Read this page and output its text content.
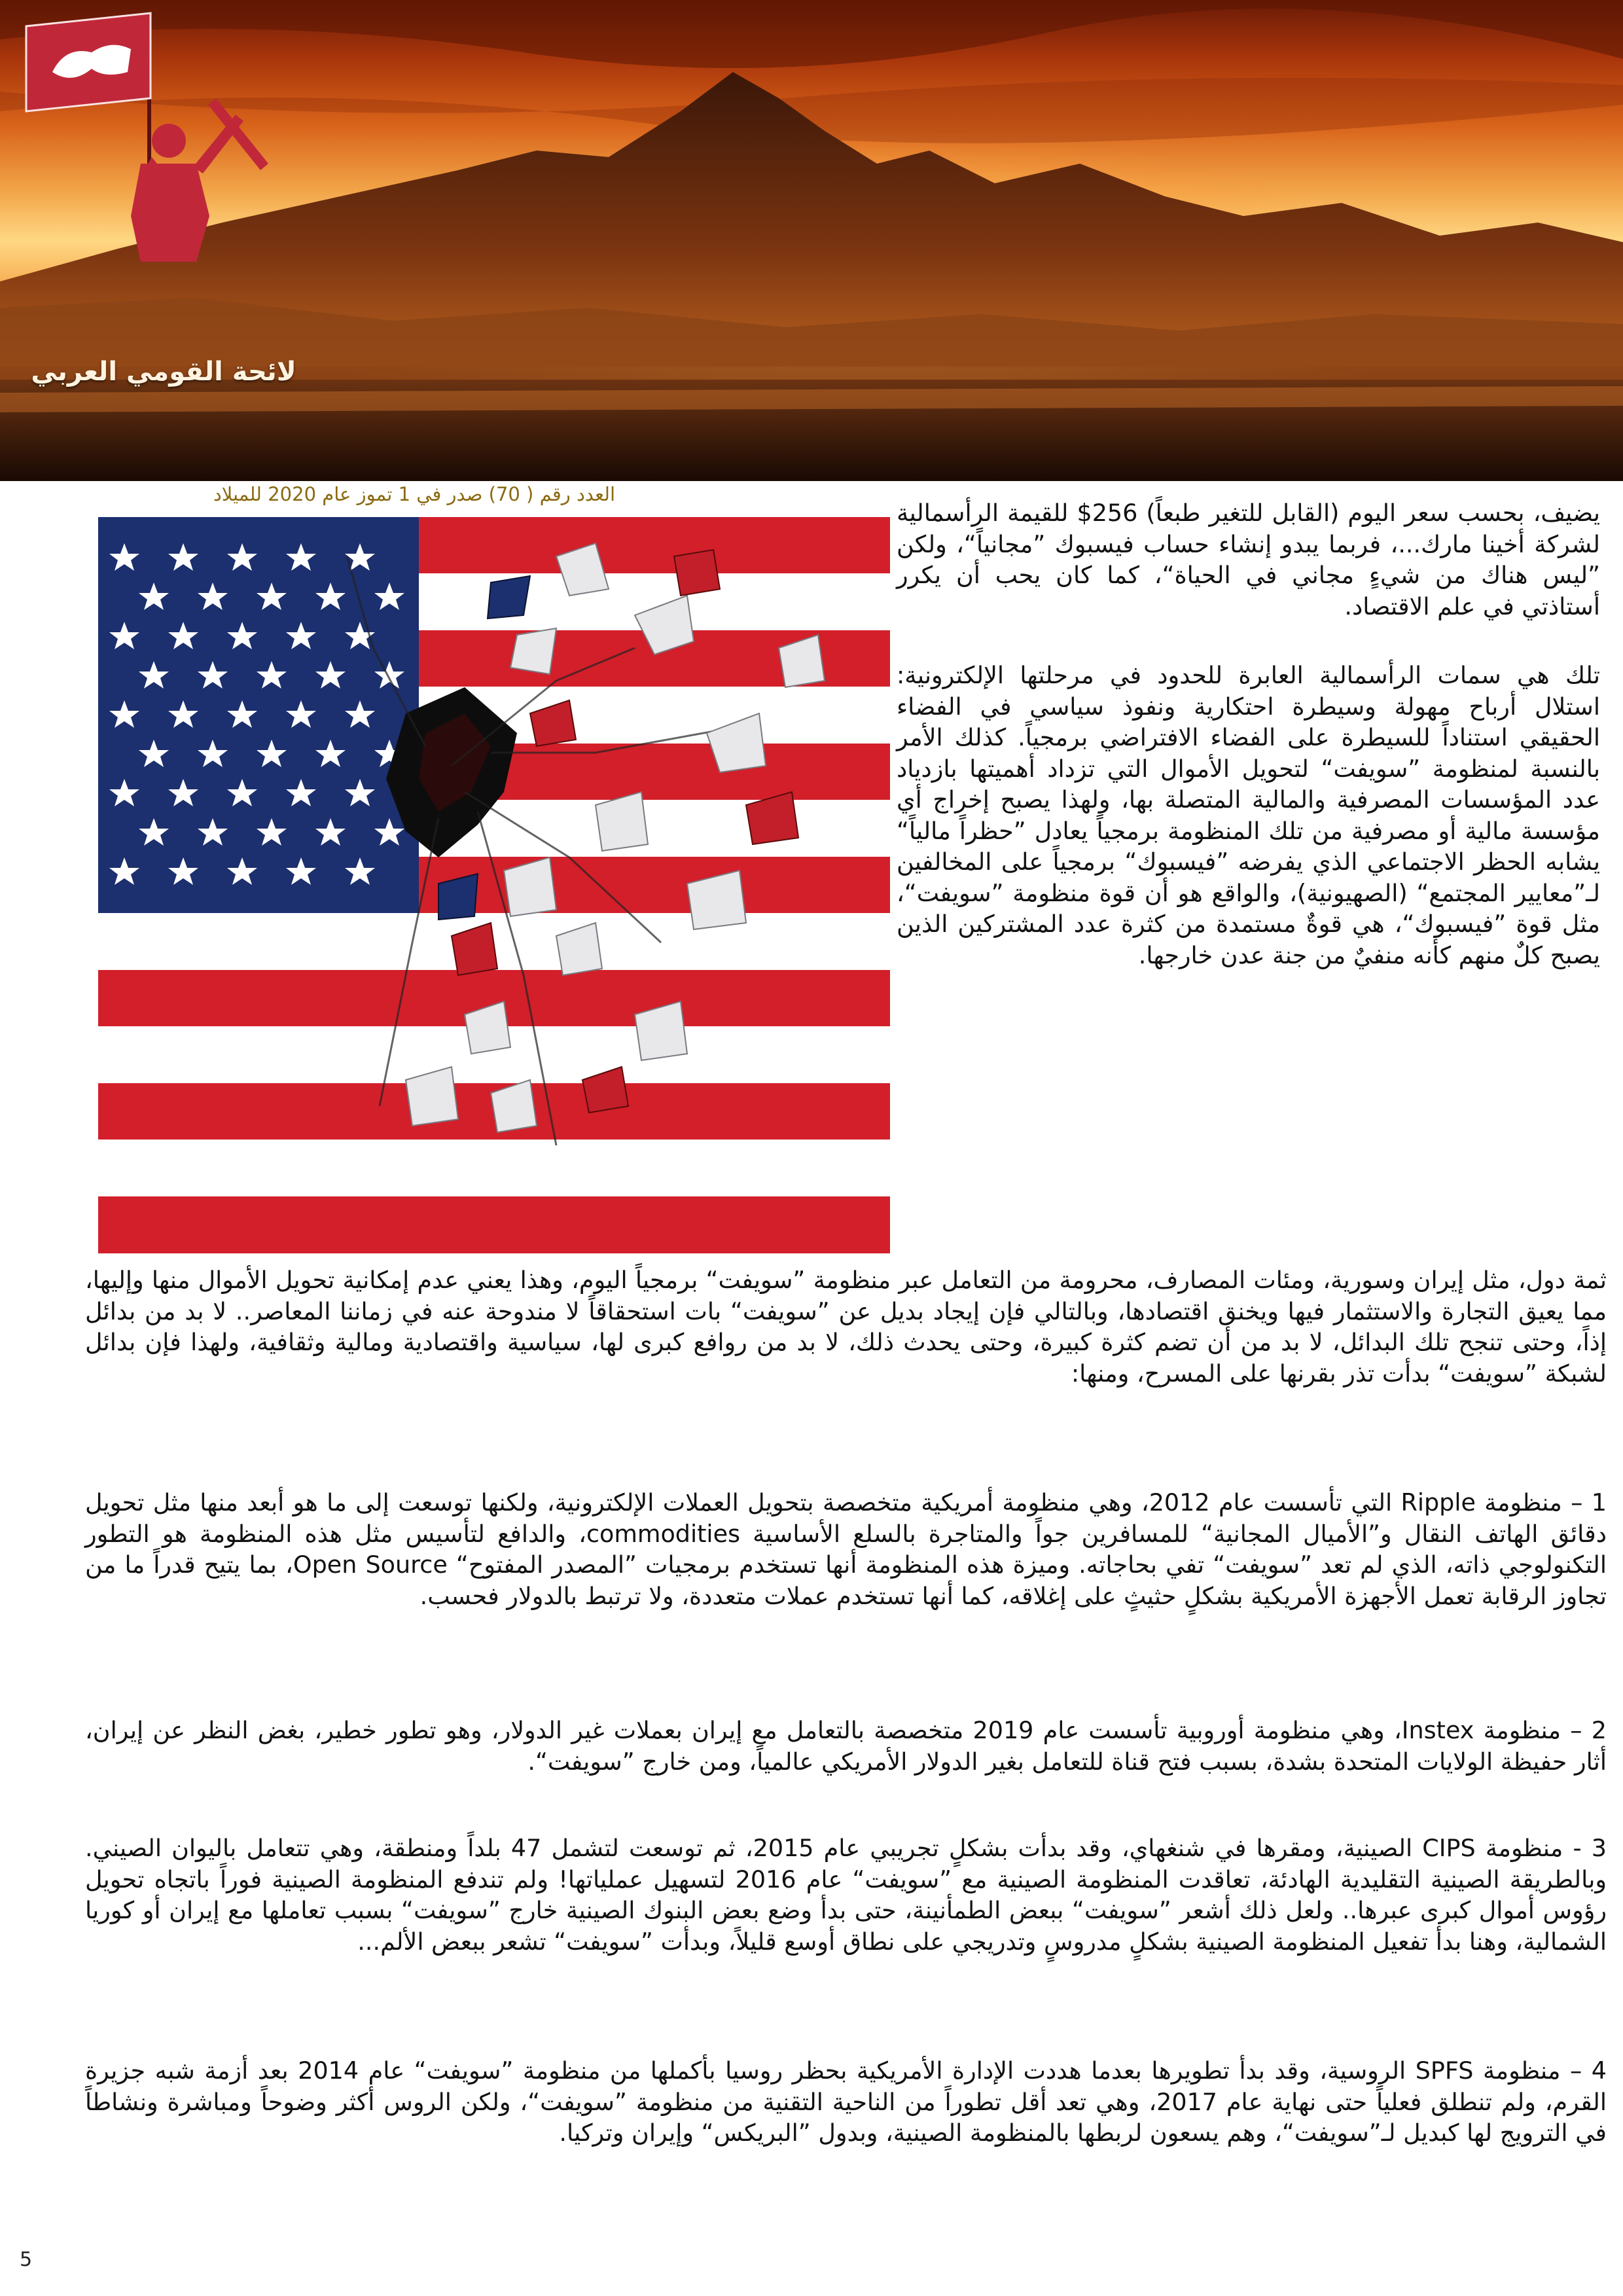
لائحة القومي العربي
العدد رقم ( 70) صدر في 1 تموز عام 2020 للميلاد

يضيف، بحسب سعر اليوم (القابل للتغير طبعاً) 256$ للقيمة الرأسمالية لشركة أخينا مارك...، فربما يبدو إنشاء حساب فيسبوك ”مجانياً“، ولكن ”ليس هناك من شيءٍ مجاني في الحياة“، كما كان يحب أن يكرر أستاذتي في علم الاقتصاد.

تلك هي سمات الرأسمالية العابرة للحدود في مرحلتها الإلكترونية: استلال أرباح مهولة وسيطرة احتكارية ونفوذ سياسي في الفضاء الحقيقي استناداً للسيطرة على الفضاء الافتراضي برمجياً. كذلك الأمر بالنسبة لمنظومة ”سويفت“ لتحويل الأموال التي تزداد أهميتها بازدياد عدد المؤسسات المصرفية والمالية المتصلة بها، ولهذا يصبح إخراج أي مؤسسة مالية أو مصرفية من تلك المنظومة برمجياً يعادل ”حظراً مالياً“ يشابه الحظر الاجتماعي الذي يفرضه ”فيسبوك“ برمجياً على المخالفين لـ”معايير المجتمع“ (الصهيونية)، والواقع هو أن قوة منظومة ”سويفت“، مثل قوة ”فيسبوك“، هي قوةٌ مستمدة من كثرة عدد المشتركين الذين يصبح كلٌ منهم كأنه منفيٌ من جنة عدن خارجها.

ثمة دول، مثل إيران وسورية، ومئات المصارف، محرومة من التعامل عبر منظومة ”سويفت“ برمجياً اليوم، وهذا يعني عدم إمكانية تحويل الأموال منها وإليها، مما يعيق التجارة والاستثمار فيها ويخنق اقتصادها، وبالتالي فإن إيجاد بديل عن ”سويفت“ بات استحقاقاً لا مندوحة عنه في زماننا المعاصر.. لا بد من بدائل إذاً، وحتى تنجح تلك البدائل، لا بد من أن تضم كثرة كبيرة، وحتى يحدث ذلك، لا بد من روافع كبرى لها، سياسية واقتصادية ومالية وثقافية، ولهذا فإن بدائل لشبكة ”سويفت“ بدأت تذر بقرنها على المسرح، ومنها:

1 – منظومة Ripple التي تأسست عام 2012، وهي منظومة أمريكية متخصصة بتحويل العملات الإلكترونية، ولكنها توسعت إلى ما هو أبعد منها مثل تحويل دقائق الهاتف النقال و”الأميال المجانية“ للمسافرين جواً والمتاجرة بالسلع الأساسية commodities، والدافع لتأسيس مثل هذه المنظومة هو التطور التكنولوجي ذاته، الذي لم تعد ”سويفت“ تفي بحاجاته. وميزة هذه المنظومة أنها تستخدم برمجيات ”المصدر المفتوح“ Open Source، بما يتيح قدراً ما من تجاوز الرقابة تعمل الأجهزة الأمريكية بشكلٍ حثيثٍ على إغلاقه، كما أنها تستخدم عملات متعددة، ولا ترتبط بالدولار فحسب.

2 – منظومة Instex، وهي منظومة أوروبية تأسست عام 2019 متخصصة بالتعامل مع إيران بعملات غير الدولار، وهو تطور خطير، بغض النظر عن إيران، أثار حفيظة الولايات المتحدة بشدة، بسبب فتح قناة للتعامل بغير الدولار الأمريكي عالمياً، ومن خارج ”سويفت“.

3 - منظومة CIPS الصينية، ومقرها في شنغهاي، وقد بدأت بشكلٍ تجريبي عام 2015، ثم توسعت لتشمل 47 بلداً ومنطقة، وهي تتعامل باليوان الصيني. وبالطريقة الصينية التقليدية الهادئة، تعاقدت المنظومة الصينية مع ”سويفت“ عام 2016 لتسهيل عملياتها! ولم تندفع المنظومة الصينية فوراً باتجاه تحويل رؤوس أموال كبرى عبرها.. ولعل ذلك أشعر ”سويفت“ ببعض الطمأنينة، حتى بدأ وضع بعض البنوك الصينية خارج ”سويفت“ بسبب تعاملها مع إيران أو كوريا الشمالية، وهنا بدأ تفعيل المنظومة الصينية بشكلٍ مدروسٍ وتدريجي على نطاق أوسع قليلاً، وبدأت ”سويفت“ تشعر ببعض الألم...

4 – منظومة SPFS الروسية، وقد بدأ تطويرها بعدما هددت الإدارة الأمريكية بحظر روسيا بأكملها من منظومة ”سويفت“ عام 2014 بعد أزمة شبه جزيرة القرم، ولم تنطلق فعلياً حتى نهاية عام 2017، وهي تعد أقل تطوراً من الناحية التقنية من منظومة ”سويفت“، ولكن الروس أكثر وضوحاً ومباشرة ونشاطاً في الترويج لها كبديل لـ”سويفت“، وهم يسعون لربطها بالمنظومة الصينية، وبدول ”البريكس“ وإيران وتركيا.

5
